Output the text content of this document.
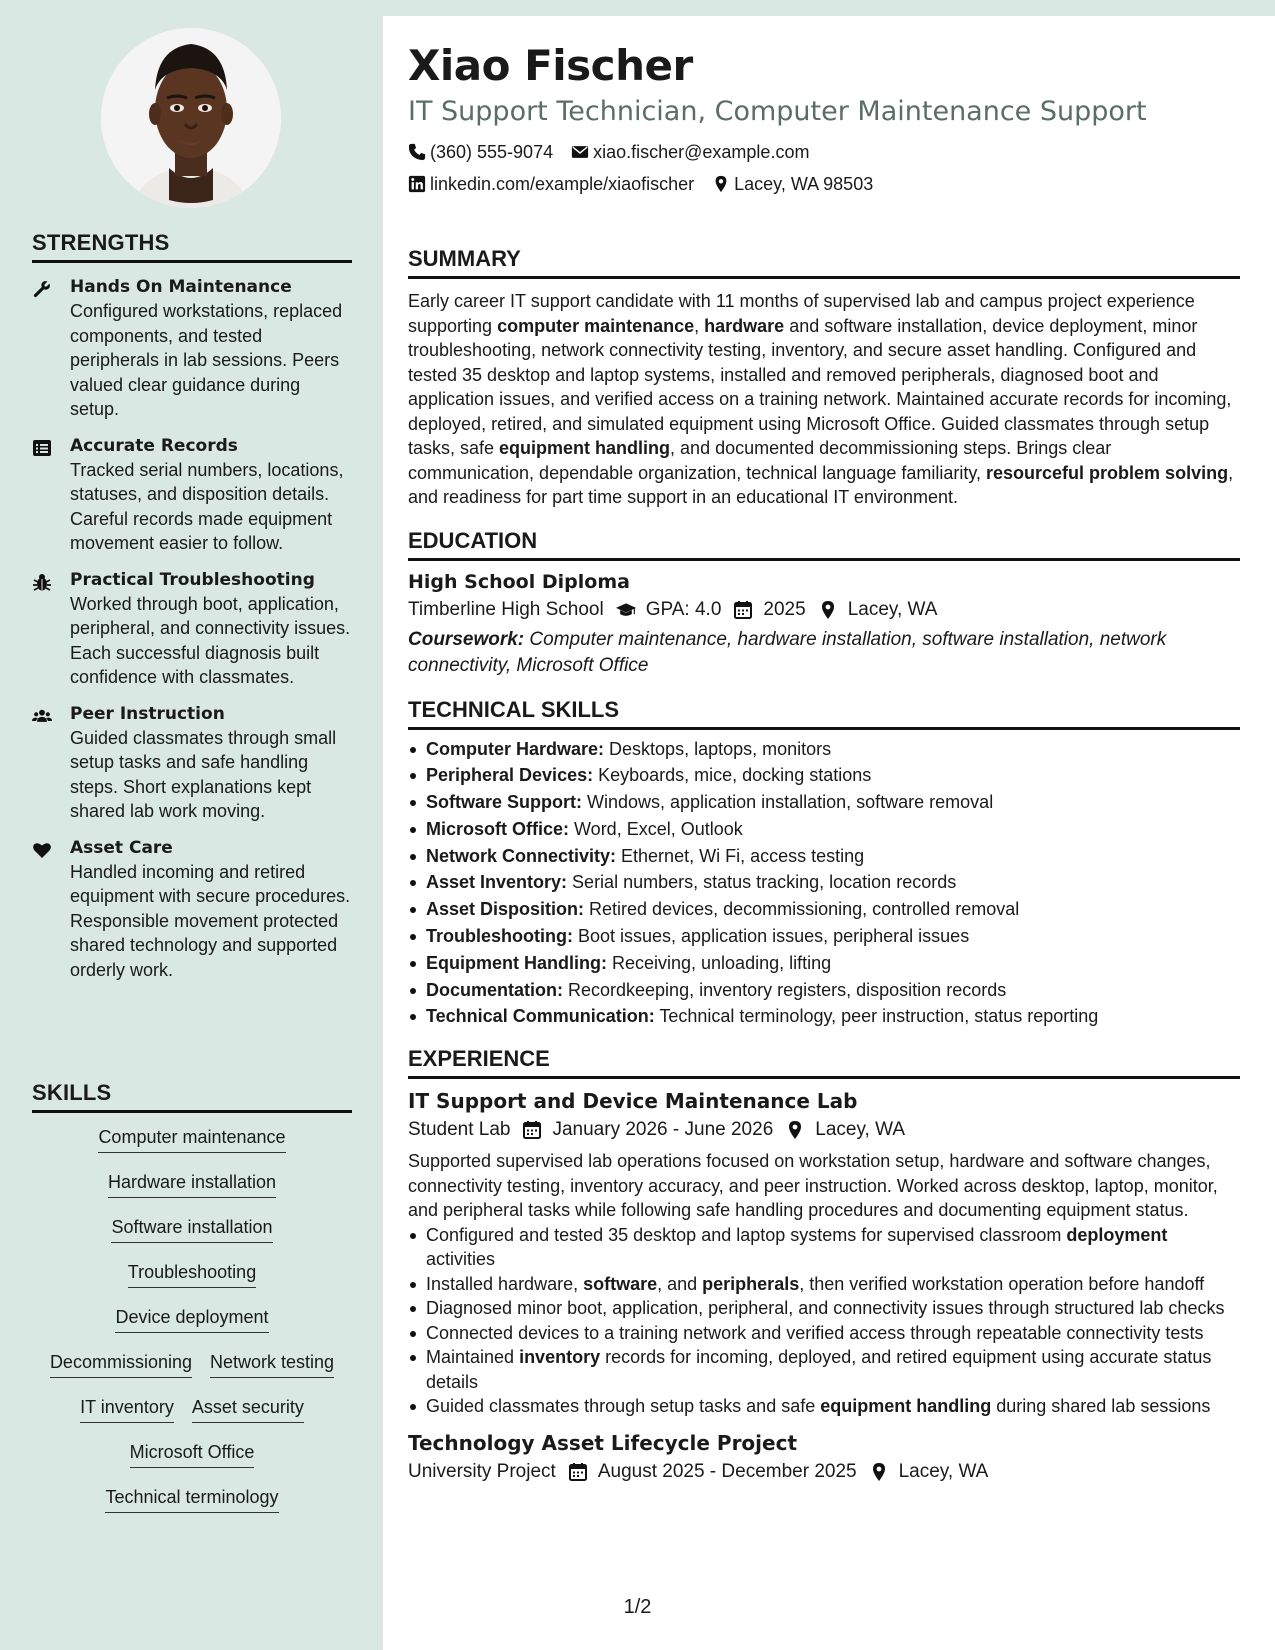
STRENGTHS
Hands On Maintenance
Configured workstations, replaced components, and tested peripherals in lab sessions. Peers valued clear guidance during setup.
Accurate Records
Tracked serial numbers, locations, statuses, and disposition details. Careful records made equipment movement easier to follow.
Practical Troubleshooting
Worked through boot, application, peripheral, and connectivity issues. Each successful diagnosis built confidence with classmates.
Peer Instruction
Guided classmates through small setup tasks and safe handling steps. Short explanations kept shared lab work moving.
Asset Care
Handled incoming and retired equipment with secure procedures. Responsible movement protected shared technology and supported orderly work.
SKILLS
Computer maintenance
Hardware installation
Software installation
Troubleshooting
Device deployment
Decommissioning Network testing
IT inventory Asset security
Microsoft Office
Technical terminology
Xiao Fischer
IT Support Technician, Computer Maintenance Support
(360) 555-9074 xiao.fischer@example.com
linkedin.com/example/xiaofischer Lacey, WA 98503
SUMMARY
Early career IT support candidate with 11 months of supervised lab and campus project experience supporting computer maintenance, hardware and software installation, device deployment, minor troubleshooting, network connectivity testing, inventory, and secure asset handling. Configured and tested 35 desktop and laptop systems, installed and removed peripherals, diagnosed boot and application issues, and verified access on a training network. Maintained accurate records for incoming, deployed, retired, and simulated equipment using Microsoft Office. Guided classmates through setup tasks, safe equipment handling, and documented decommissioning steps. Brings clear communication, dependable organization, technical language familiarity, resourceful problem solving, and readiness for part time support in an educational IT environment.
EDUCATION
High School Diploma
Timberline High School GPA: 4.0 2025 Lacey, WA
Coursework: Computer maintenance, hardware installation, software installation, network connectivity, Microsoft Office
TECHNICAL SKILLS
Computer Hardware: Desktops, laptops, monitors
Peripheral Devices: Keyboards, mice, docking stations
Software Support: Windows, application installation, software removal
Microsoft Office: Word, Excel, Outlook
Network Connectivity: Ethernet, Wi Fi, access testing
Asset Inventory: Serial numbers, status tracking, location records
Asset Disposition: Retired devices, decommissioning, controlled removal
Troubleshooting: Boot issues, application issues, peripheral issues
Equipment Handling: Receiving, unloading, lifting
Documentation: Recordkeeping, inventory registers, disposition records
Technical Communication: Technical terminology, peer instruction, status reporting
EXPERIENCE
IT Support and Device Maintenance Lab
Student Lab January 2026 - June 2026 Lacey, WA
Supported supervised lab operations focused on workstation setup, hardware and software changes, connectivity testing, inventory accuracy, and peer instruction. Worked across desktop, laptop, monitor, and peripheral tasks while following safe handling procedures and documenting equipment status.
Configured and tested 35 desktop and laptop systems for supervised classroom deployment activities
Installed hardware, software, and peripherals, then verified workstation operation before handoff
Diagnosed minor boot, application, peripheral, and connectivity issues through structured lab checks
Connected devices to a training network and verified access through repeatable connectivity tests
Maintained inventory records for incoming, deployed, and retired equipment using accurate status details
Guided classmates through setup tasks and safe equipment handling during shared lab sessions
Technology Asset Lifecycle Project
University Project August 2025 - December 2025 Lacey, WA
1/2
